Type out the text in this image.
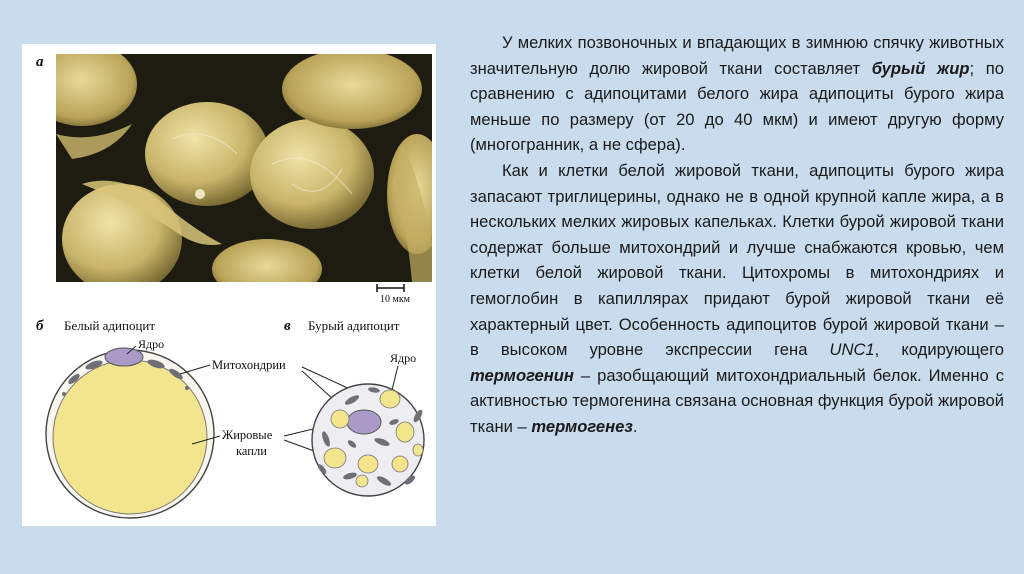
а
10 мкм
б Белый адипоцит
Ядро
Митохондрии
Жировые
капли
в Бурый адипоцит
Ядро

У мелких позвоночных и впадающих в зимнюю спячку животных значительную долю жировой ткани составляет бурый жир; по сравнению с адипоцитами белого жира адипоциты бурого жира меньше по размеру (от 20 до 40 мкм) и имеют другую форму (многогранник, а не сфера).

Как и клетки белой жировой ткани, адипоциты бурого жира запасают триглицерины, однако не в одной крупной капле жира, а в нескольких мелких жировых капельках. Клетки бурой жировой ткани содержат больше митохондрий и лучше снабжаются кровью, чем клетки белой жировой ткани. Цитохромы в митохондриях и гемоглобин в капиллярах придают бурой жировой ткани её характерный цвет. Особенность адипоцитов бурой жировой ткани – в высоком уровне экспрессии гена UNC1, кодирующего термогенин – разобщающий митохондриальный белок. Именно с активностью термогенина связана основная функция бурой жировой ткани – термогенез.
